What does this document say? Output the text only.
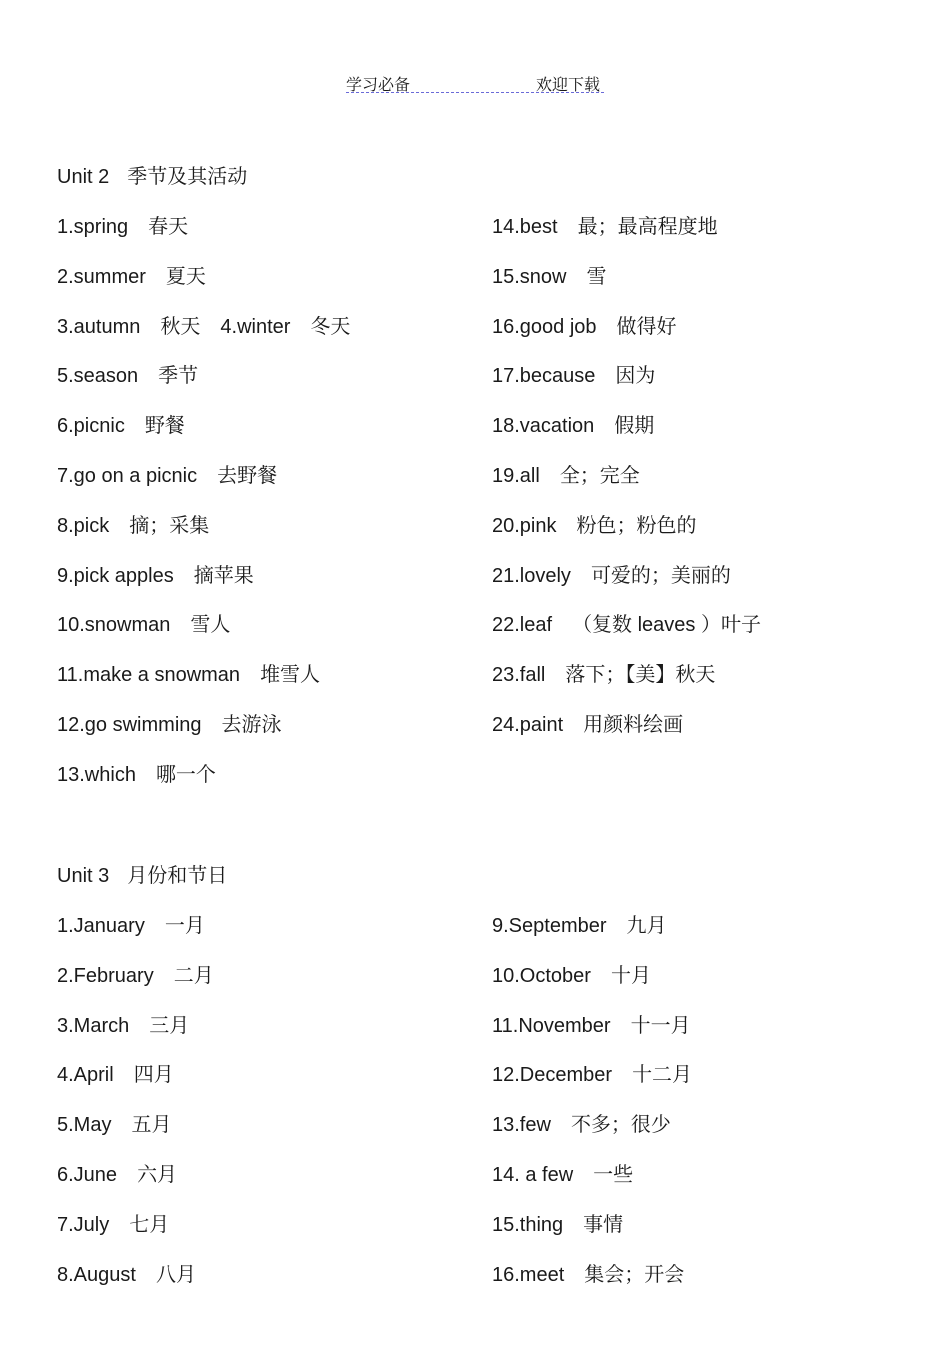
学习必备	欢迎下载
Unit 2 季节及其活动
1.spring 春天
2.summer 夏天
3.autumn 秋天 4.winter 冬天
5.season 季节
6.picnic 野餐
7.go on a picnic 去野餐
8.pick 摘；采集
9.pick apples 摘苹果
10.snowman 雪人
11.make a snowman 堆雪人
12.go swimming 去游泳
13.which 哪一个
14.best 最；最高程度地
15.snow 雪
16.good job 做得好
17.because 因为
18.vacation 假期
19.all 全；完全
20.pink 粉色；粉色的
21.lovely 可爱的；美丽的
22.leaf （复数 leaves ）叶子
23.fall 落下；【美】秋天
24.paint 用颜料绘画
Unit 3 月份和节日
1.January 一月
2.February 二月
3.March 三月
4.April 四月
5.May 五月
6.June 六月
7.July 七月
8.August 八月
9.September 九月
10.October 十月
11.November 十一月
12.December 十二月
13.few 不多；很少
14. a few 一些
15.thing 事情
16.meet 集会；开会
